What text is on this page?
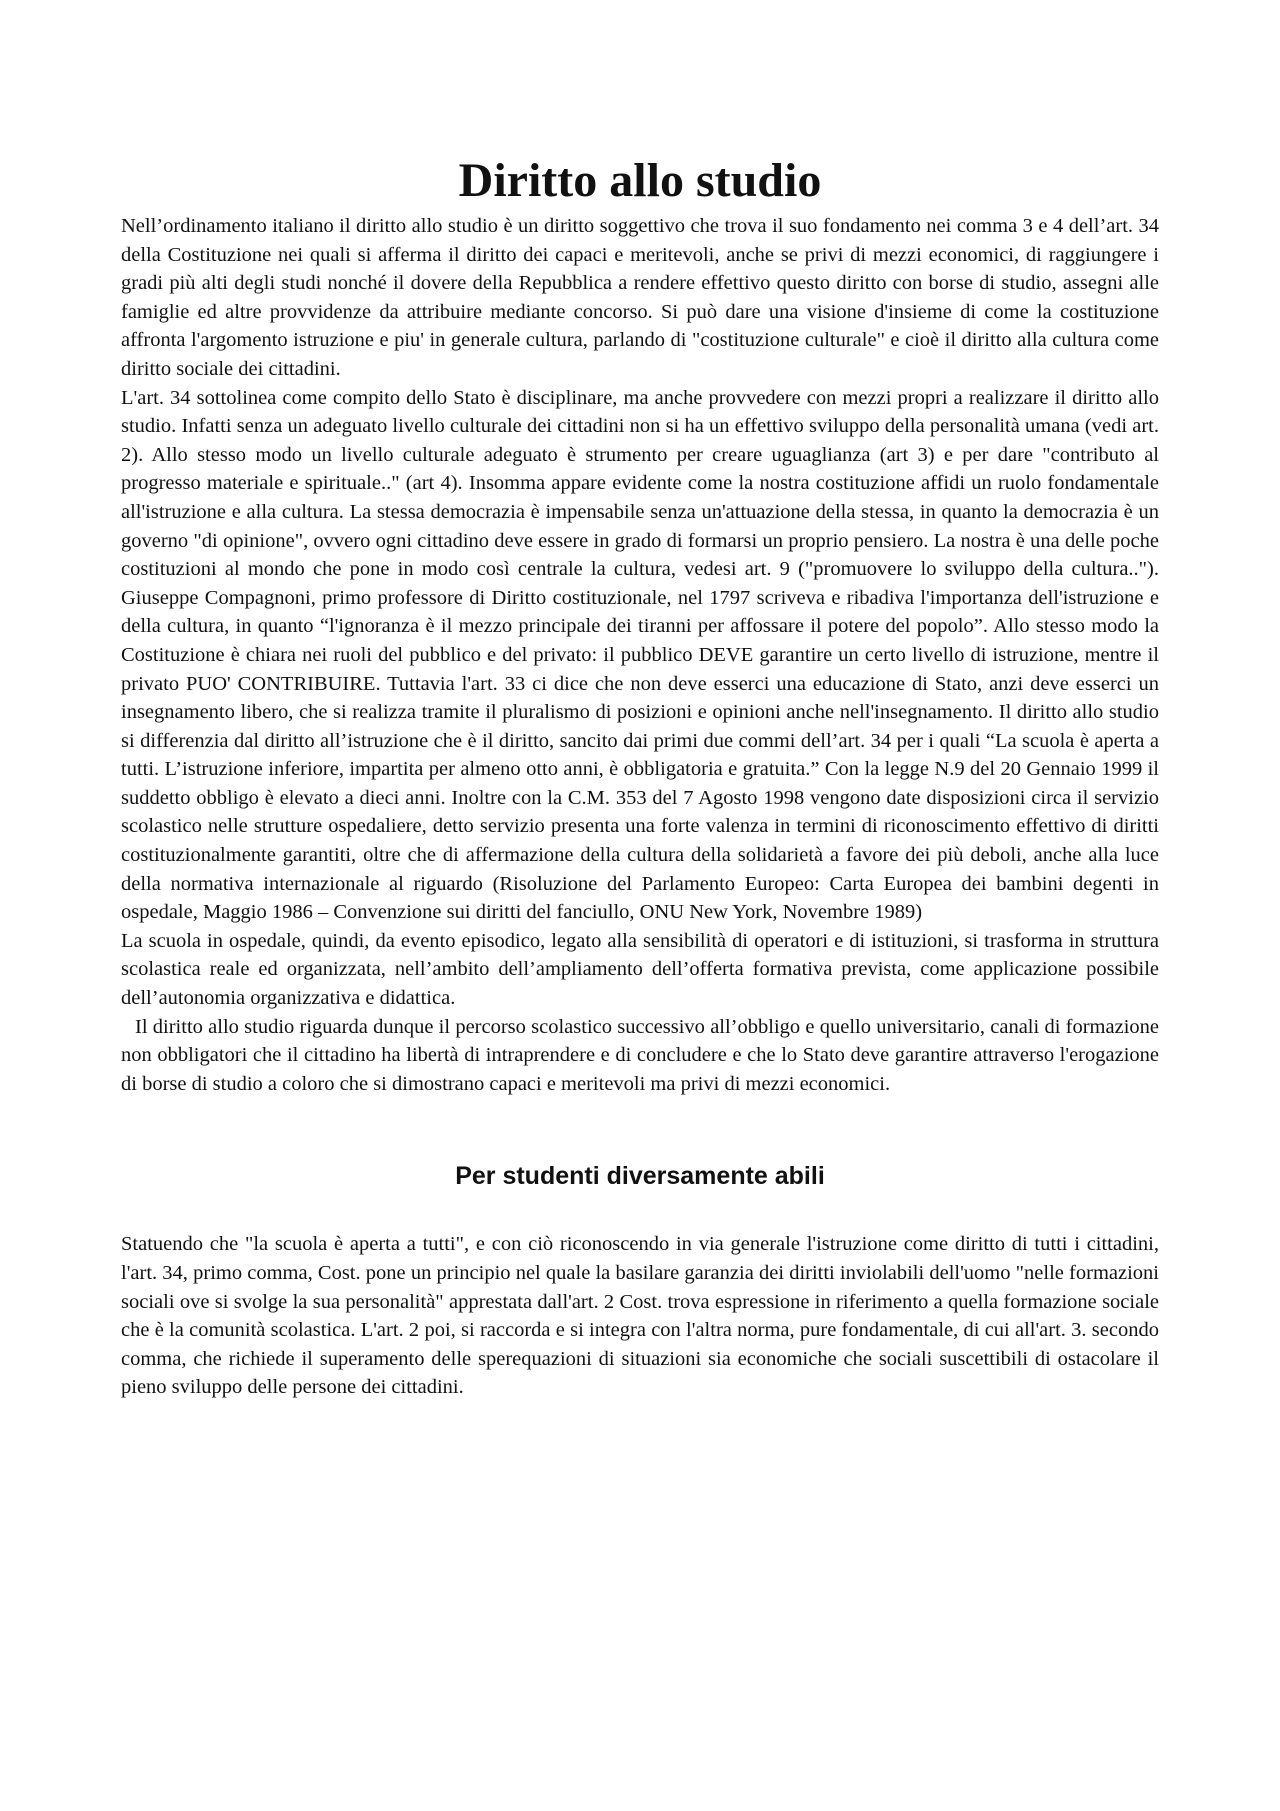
Diritto allo studio

Nell’ordinamento italiano il diritto allo studio è un diritto soggettivo che trova il suo fondamento nei comma 3 e 4 dell’art. 34 della Costituzione nei quali si afferma il diritto dei capaci e meritevoli, anche se privi di mezzi economici, di raggiungere i gradi più alti degli studi nonché il dovere della Repubblica a rendere effettivo questo diritto con borse di studio, assegni alle famiglie ed altre provvidenze da attribuire mediante concorso. Si può dare una visione d'insieme di come la costituzione affronta l'argomento istruzione e piu' in generale cultura, parlando di "costituzione culturale" e cioè il diritto alla cultura come diritto sociale dei cittadini.

L'art. 34 sottolinea come compito dello Stato è disciplinare, ma anche provvedere con mezzi propri a realizzare il diritto allo studio. Infatti senza un adeguato livello culturale dei cittadini non si ha un effettivo sviluppo della personalità umana (vedi art. 2). Allo stesso modo un livello culturale adeguato è strumento per creare uguaglianza (art 3) e per dare "contributo al progresso materiale e spirituale.." (art 4). Insomma appare evidente come la nostra costituzione affidi un ruolo fondamentale all'istruzione e alla cultura. La stessa democrazia è impensabile senza un'attuazione della stessa, in quanto la democrazia è un governo "di opinione", ovvero ogni cittadino deve essere in grado di formarsi un proprio pensiero. La nostra è una delle poche costituzioni al mondo che pone in modo così centrale la cultura, vedesi art. 9 ("promuovere lo sviluppo della cultura.."). Giuseppe Compagnoni, primo professore di Diritto costituzionale, nel 1797 scriveva e ribadiva l'importanza dell'istruzione e della cultura, in quanto “l'ignoranza è il mezzo principale dei tiranni per affossare il potere del popolo”. Allo stesso modo la Costituzione è chiara nei ruoli del pubblico e del privato: il pubblico DEVE garantire un certo livello di istruzione, mentre il privato PUO' CONTRIBUIRE. Tuttavia l'art. 33 ci dice che non deve esserci una educazione di Stato, anzi deve esserci un insegnamento libero, che si realizza tramite il pluralismo di posizioni e opinioni anche nell'insegnamento. Il diritto allo studio si differenzia dal diritto all’istruzione che è il diritto, sancito dai primi due commi dell’art. 34 per i quali “La scuola è aperta a tutti. L’istruzione inferiore, impartita per almeno otto anni, è obbligatoria e gratuita.” Con la legge N.9 del 20 Gennaio 1999 il suddetto obbligo è elevato a dieci anni. Inoltre con la C.M. 353 del 7 Agosto 1998 vengono date disposizioni circa il servizio scolastico nelle strutture ospedaliere, detto servizio presenta una forte valenza in termini di riconoscimento effettivo di diritti costituzionalmente garantiti, oltre che di affermazione della cultura della solidarietà a favore dei più deboli, anche alla luce della normativa internazionale al riguardo (Risoluzione del Parlamento Europeo: Carta Europea dei bambini degenti in ospedale, Maggio 1986 – Convenzione sui diritti del fanciullo, ONU New York, Novembre 1989)

La scuola in ospedale, quindi, da evento episodico, legato alla sensibilità di operatori e di istituzioni, si trasforma in struttura scolastica reale ed organizzata, nell’ambito dell’ampliamento dell’offerta formativa prevista, come applicazione possibile dell’autonomia organizzativa e didattica.

Il diritto allo studio riguarda dunque il percorso scolastico successivo all’obbligo e quello universitario, canali di formazione non obbligatori che il cittadino ha libertà di intraprendere e di concludere e che lo Stato deve garantire attraverso l'erogazione di borse di studio a coloro che si dimostrano capaci e meritevoli ma privi di mezzi economici.

Per studenti diversamente abili

Statuendo che "la scuola è aperta a tutti", e con ciò riconoscendo in via generale l'istruzione come diritto di tutti i cittadini, l'art. 34, primo comma, Cost. pone un principio nel quale la basilare garanzia dei diritti inviolabili dell'uomo "nelle formazioni sociali ove si svolge la sua personalità" apprestata dall'art. 2 Cost. trova espressione in riferimento a quella formazione sociale che è la comunità scolastica. L'art. 2 poi, si raccorda e si integra con l'altra norma, pure fondamentale, di cui all'art. 3. secondo comma, che richiede il superamento delle sperequazioni di situazioni sia economiche che sociali suscettibili di ostacolare il pieno sviluppo delle persone dei cittadini.
